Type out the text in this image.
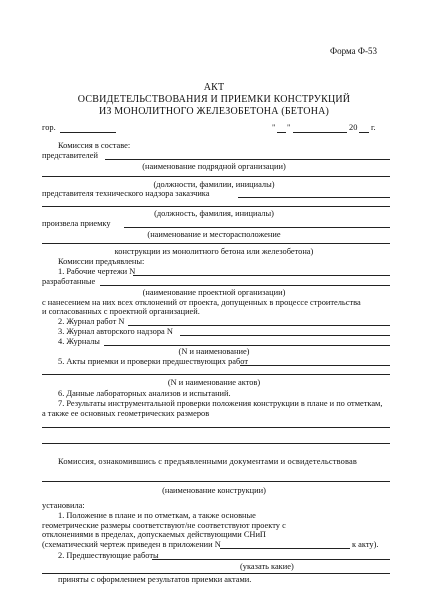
Форма Ф-53
АКТ
ОСВИДЕТЕЛЬСТВОВАНИЯ И ПРИЕМКИ КОНСТРУКЦИЙ
ИЗ МОНОЛИТНОГО ЖЕЛЕЗОБЕТОНА (БЕТОНА)
гор.	" "	20 г.
Комиссия в составе:
представителей
(наименование подрядной организации)
(должности, фамилии, инициалы)
представителя технического надзора заказчика
(должность, фамилия, инициалы)
произвела приемку
(наименование и месторасположение
конструкции из монолитного бетона или железобетона)
Комиссии предъявлены:
1. Рабочие чертежи N
разработанные
(наименование проектной организации)
с нанесением на них всех отклонений от проекта, допущенных в процессе строительства
и согласованных с проектной организацией.
2. Журнал работ N
3. Журнал авторского надзора N
4. Журналы
(N и наименование)
5. Акты приемки и проверки предшествующих работ
(N и наименование актов)
6. Данные лабораторных анализов и испытаний.
7. Результаты инструментальной проверки положения конструкции в плане и по отметкам,
а также ее основных геометрических размеров
Комиссия, ознакомившись с предъявленными документами и освидетельствовав
(наименование конструкции)
установила:
1. Положение в плане и по отметкам, а также основные
геометрические размеры соответствуют/не соответствуют проекту с
отклонениями в пределах, допускаемых действующими СНиП
(схематический чертеж приведен в приложении N	к акту).
2. Предшествующие работы
(указать какие)
приняты с оформлением результатов приемки актами.
